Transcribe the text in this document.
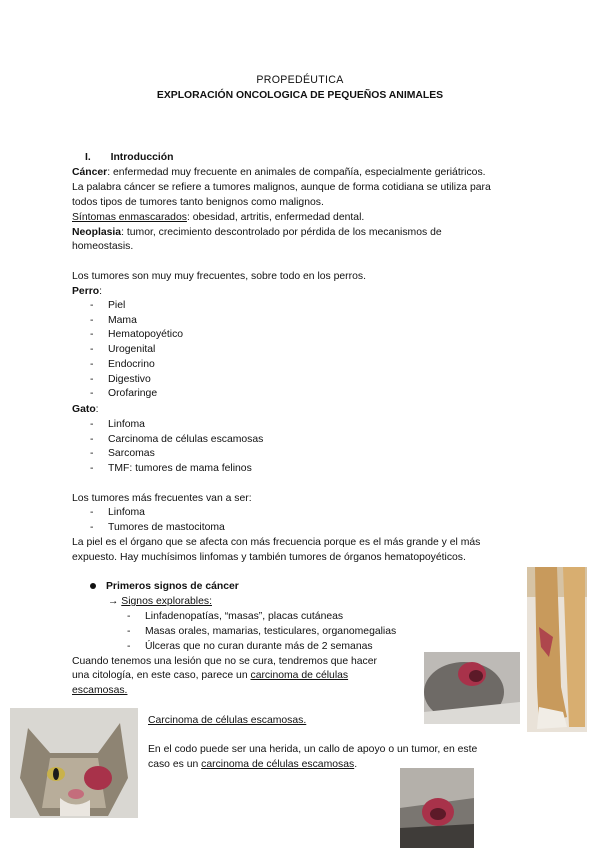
PROPEDÉUTICA
EXPLORACIÓN ONCOLOGICA DE PEQUEÑOS ANIMALES
I. Introducción
Cáncer: enfermedad muy frecuente en animales de compañía, especialmente geriátricos.
La palabra cáncer se refiere a tumores malignos, aunque de forma cotidiana se utiliza para
todos tipos de tumores tanto benignos como malignos.
Síntomas enmascarados: obesidad, artritis, enfermedad dental.
Neoplasia: tumor, crecimiento descontrolado por pérdida de los mecanismos de
homeostasis.
Los tumores son muy muy frecuentes, sobre todo en los perros.
Perro:
- Piel
- Mama
- Hematopoyético
- Urogenital
- Endocrino
- Digestivo
- Orofaringe
Gato:
- Linfoma
- Carcinoma de células escamosas
- Sarcomas
- TMF: tumores de mama felinos
Los tumores más frecuentes van a ser:
- Linfoma
- Tumores de mastocitoma
La piel es el órgano que se afecta con más frecuencia porque es el más grande y el más
expuesto. Hay muchísimos linfomas y también tumores de órganos hematopoyéticos.
Primeros signos de cáncer
→ Signos explorables:
- Linfadenopatías, “masas”, placas cutáneas
- Masas orales, mamarias, testiculares, organomegalias
- Úlceras que no curan durante más de 2 semanas
Cuando tenemos una lesión que no se cura, tendremos que hacer
una citología, en este caso, parece un carcinoma de células
escamosas.
Carcinoma de células escamosas.
En el codo puede ser una herida, un callo de apoyo o un tumor, en este
caso es un carcinoma de células escamosas.
